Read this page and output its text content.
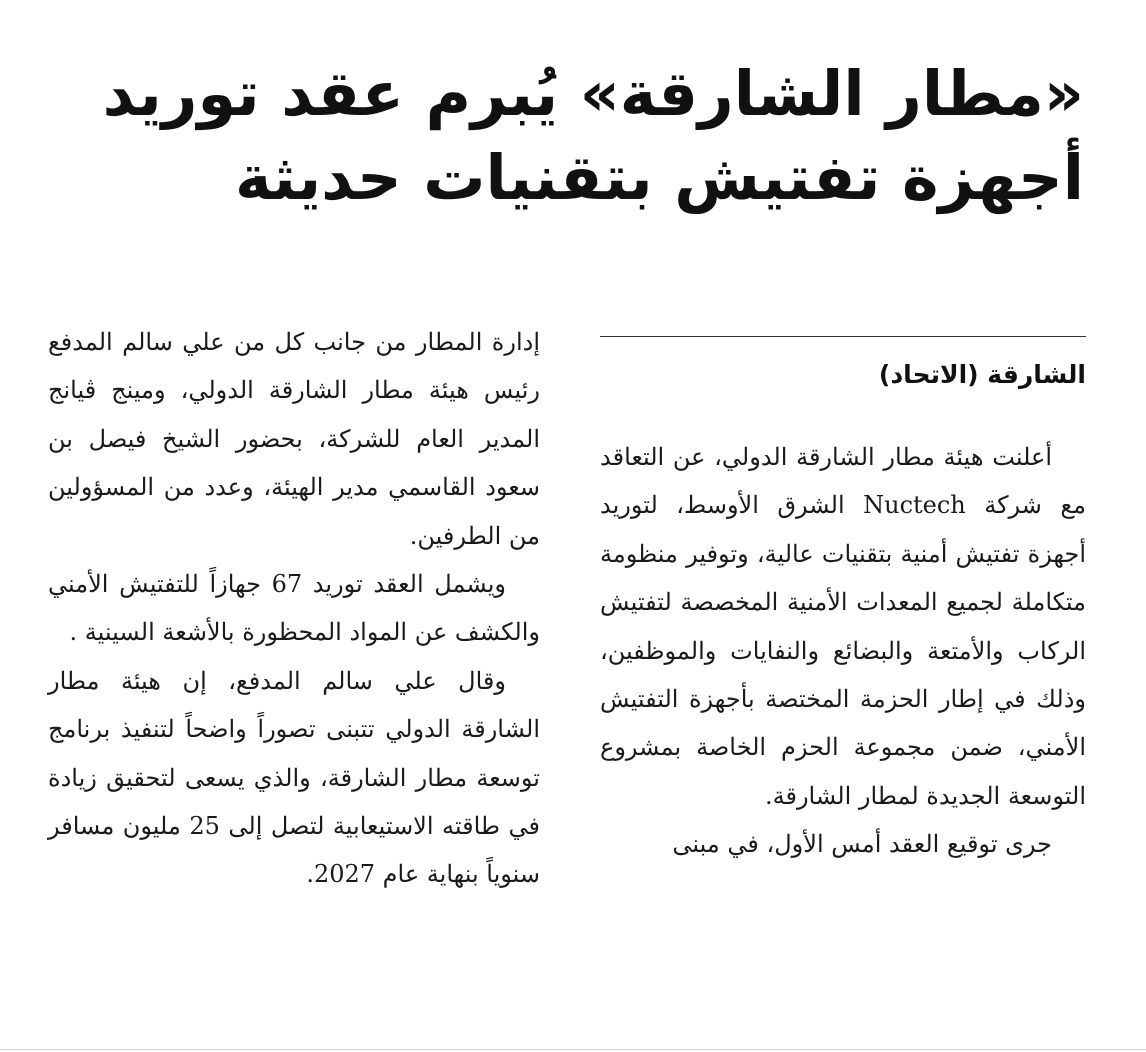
«مطار الشارقة» يُبرم عقد توريد
أجهزة تفتيش بتقنيات حديثة
الشارقة (الاتحاد)

أعلنت هيئة مطار الشارقة الدولي، عن التعاقد مع شركة Nuctech الشرق الأوسط، لتوريد أجهزة تفتيش أمنية بتقنيات عالية، وتوفير منظومة متكاملة لجميع المعدات الأمنية المخصصة لتفتيش الركاب والأمتعة والبضائع والنفايات والموظفين، وذلك في إطار الحزمة المختصة بأجهزة التفتيش الأمني، ضمن مجموعة الحزم الخاصة بمشروع التوسعة الجديدة لمطار الشارقة.

جرى توقيع العقد أمس الأول، في مبنى

إدارة المطار من جانب كل من علي سالم المدفع رئيس هيئة مطار الشارقة الدولي، ومينج ڤيانج المدير العام للشركة، بحضور الشيخ فيصل بن سعود القاسمي مدير الهيئة، وعدد من المسؤولين من الطرفين.

ويشمل العقد توريد 67 جهازاً للتفتيش الأمني والكشف عن المواد المحظورة بالأشعة السينية .

وقال علي سالم المدفع، إن هيئة مطار الشارقة الدولي تتبنى تصوراً واضحاً لتنفيذ برنامج توسعة مطار الشارقة، والذي يسعى لتحقيق زيادة في طاقته الاستيعابية لتصل إلى 25 مليون مسافر سنوياً بنهاية عام 2027.
